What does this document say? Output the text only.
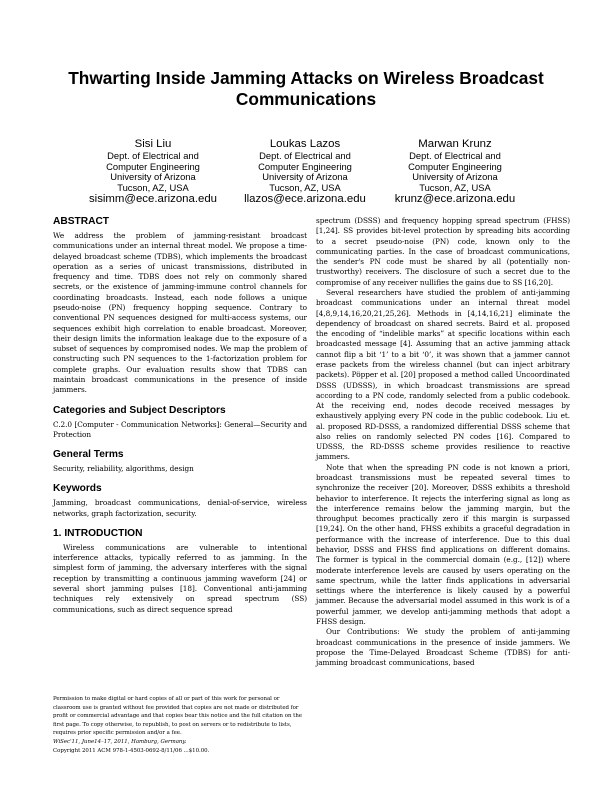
Thwarting Inside Jamming Attacks on Wireless Broadcast Communications
Sisi Liu
Dept. of Electrical and
Computer Engineering
University of Arizona
Tucson, AZ, USA
sisimm@ece.arizona.edu
Loukas Lazos
Dept. of Electrical and
Computer Engineering
University of Arizona
Tucson, AZ, USA
llazos@ece.arizona.edu
Marwan Krunz
Dept. of Electrical and
Computer Engineering
University of Arizona
Tucson, AZ, USA
krunz@ece.arizona.edu

ABSTRACT

We address the problem of jamming-resistant broadcast communications under an internal threat model. We propose a time-delayed broadcast scheme (TDBS), which implements the broadcast operation as a series of unicast transmissions, distributed in frequency and time. TDBS does not rely on commonly shared secrets, or the existence of jamming-immune control channels for coordinating broadcasts. Instead, each node follows a unique pseudo-noise (PN) frequency hopping sequence. Contrary to conventional PN sequences designed for multi-access systems, our sequences exhibit high correlation to enable broadcast. Moreover, their design limits the information leakage due to the exposure of a subset of sequences by compromised nodes. We map the problem of constructing such PN sequences to the 1-factorization problem for complete graphs. Our evaluation results show that TDBS can maintain broadcast communications in the presence of inside jammers.

Categories and Subject Descriptors

C.2.0 [Computer - Communication Networks]: General—Security and Protection

General Terms

Security, reliability, algorithms, design

Keywords

Jamming, broadcast communications, denial-of-service, wireless networks, graph factorization, security.

1. INTRODUCTION

Wireless communications are vulnerable to intentional interference attacks, typically referred to as jamming. In the simplest form of jamming, the adversary interferes with the signal reception by transmitting a continuous jamming waveform [24] or several short jamming pulses [18]. Conventional anti-jamming techniques rely extensively on spread spectrum (SS) communications, such as direct sequence spread

Permission to make digital or hard copies of all or part of this work for personal or classroom use is granted without fee provided that copies are not made or distributed for profit or commercial advantage and that copies bear this notice and the full citation on the first page. To copy otherwise, to republish, to post on servers or to redistribute to lists, requires prior specific permission and/or a fee.

WiSec'11, June14–17, 2011, Hamburg, Germany.

Copyright 2011 ACM 978-1-4503-0692-8/11/06 ...$10.00.

spectrum (DSSS) and frequency hopping spread spectrum (FHSS) [1,24]. SS provides bit-level protection by spreading bits according to a secret pseudo-noise (PN) code, known only to the communicating parties. In the case of broadcast communications, the sender's PN code must be shared by all (potentially non-trustworthy) receivers. The disclosure of such a secret due to the compromise of any receiver nullifies the gains due to SS [16,20].

Several researchers have studied the problem of anti-jamming broadcast communications under an internal threat model [4,8,9,14,16,20,21,25,26]. Methods in [4,14,16,21] eliminate the dependency of broadcast on shared secrets. Baird et al. proposed the encoding of “indelible marks” at specific locations within each broadcasted message [4]. Assuming that an active jamming attack cannot flip a bit ‘1’ to a bit ‘0’, it was shown that a jammer cannot erase packets from the wireless channel (but can inject arbitrary packets). Pöpper et al. [20] proposed a method called Uncoordinated DSSS (UDSSS), in which broadcast transmissions are spread according to a PN code, randomly selected from a public codebook. At the receiving end, nodes decode received messages by exhaustively applying every PN code in the public codebook. Liu et. al. proposed RD-DSSS, a randomized differential DSSS scheme that also relies on randomly selected PN codes [16]. Compared to UDSSS, the RD-DSSS scheme provides resilience to reactive jammers.

Note that when the spreading PN code is not known a priori, broadcast transmissions must be repeated several times to synchronize the receiver [20]. Moreover, DSSS exhibits a threshold behavior to interference. It rejects the interfering signal as long as the interference remains below the jamming margin, but the throughput becomes practically zero if this margin is surpassed [19,24]. On the other hand, FHSS exhibits a graceful degradation in performance with the increase of interference. Due to this dual behavior, DSSS and FHSS find applications on different domains. The former is typical in the commercial domain (e.g., [12]) where moderate interference levels are caused by users operating on the same spectrum, while the latter finds applications in adversarial settings where the interference is likely caused by a powerful jammer. Because the adversarial model assumed in this work is of a powerful jammer, we develop anti-jamming methods that adopt a FHSS design.

Our Contributions: We study the problem of anti-jamming broadcast communications in the presence of inside jammers. We propose the Time-Delayed Broadcast Scheme (TDBS) for anti-jamming broadcast communications, based
